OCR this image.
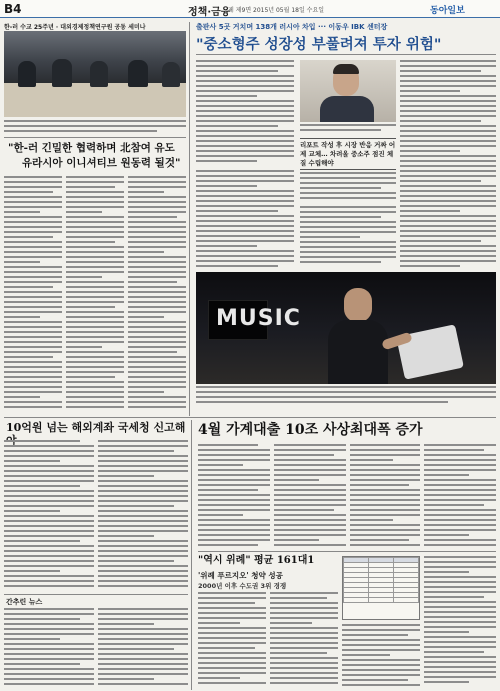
B4	정책·금융
제 제9면 2015년 05월 18일 수요일	동아일보
한-러 수교 25주년 · 대외경제정책연구원 공동 세미나
"한-러 긴밀한 협력하며 北참여 유도
유라시아 이니셔티브 원동력 될것"
출판사 5곳 거치며 138개 러시아 차입 ··· 이동우 IBK 센터장
"중소형주 성장성 부풀려져 투자 위험"
리포트 작성 후 시장 반응 거짜 어제 교체… 차려올 중소주 점진 체질 수립해야
MUSIC
10억원 넘는 해외계좌 국세청 신고해야
간추린 뉴스
4월 가계대출 10조 사상최대폭 증가
"역시 위례" 평균 161대1
'위례 푸르지오' 청약 성공
2000년 이후 수도권 3위 경쟁
